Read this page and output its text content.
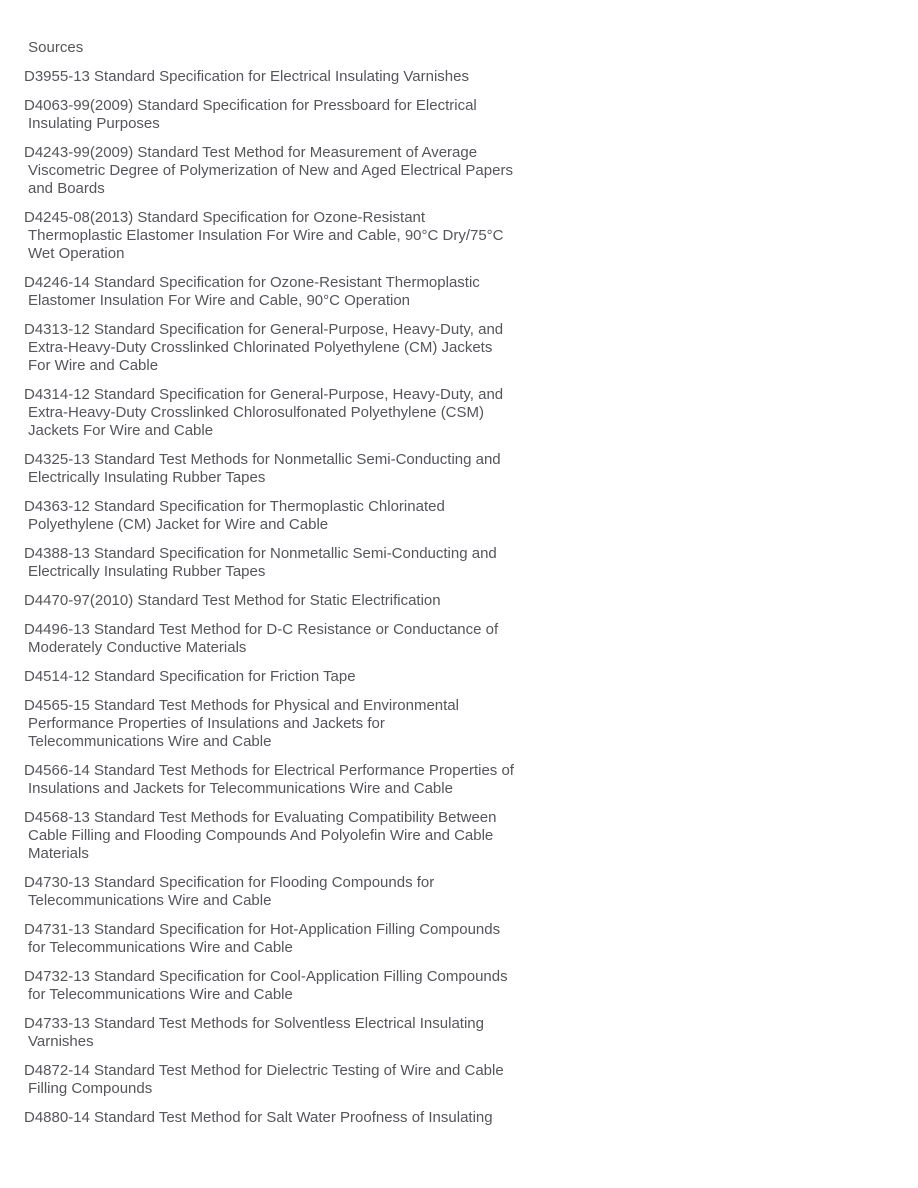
Sources
D3955-13 Standard Specification for Electrical Insulating Varnishes
D4063-99(2009) Standard Specification for Pressboard for Electrical
Insulating Purposes
D4243-99(2009) Standard Test Method for Measurement of Average
Viscometric Degree of Polymerization of New and Aged Electrical Papers
and Boards
D4245-08(2013) Standard Specification for Ozone-Resistant
Thermoplastic Elastomer Insulation For Wire and Cable, 90°C Dry/75°C
Wet Operation
D4246-14 Standard Specification for Ozone-Resistant Thermoplastic
Elastomer Insulation For Wire and Cable, 90°C Operation
D4313-12 Standard Specification for General-Purpose, Heavy-Duty, and
Extra-Heavy-Duty Crosslinked Chlorinated Polyethylene (CM) Jackets
For Wire and Cable
D4314-12 Standard Specification for General-Purpose, Heavy-Duty, and
Extra-Heavy-Duty Crosslinked Chlorosulfonated Polyethylene (CSM)
Jackets For Wire and Cable
D4325-13 Standard Test Methods for Nonmetallic Semi-Conducting and
Electrically Insulating Rubber Tapes
D4363-12 Standard Specification for Thermoplastic Chlorinated
Polyethylene (CM) Jacket for Wire and Cable
D4388-13 Standard Specification for Nonmetallic Semi-Conducting and
Electrically Insulating Rubber Tapes
D4470-97(2010) Standard Test Method for Static Electrification
D4496-13 Standard Test Method for D-C Resistance or Conductance of
Moderately Conductive Materials
D4514-12 Standard Specification for Friction Tape
D4565-15 Standard Test Methods for Physical and Environmental
Performance Properties of Insulations and Jackets for
Telecommunications Wire and Cable
D4566-14 Standard Test Methods for Electrical Performance Properties of
Insulations and Jackets for Telecommunications Wire and Cable
D4568-13 Standard Test Methods for Evaluating Compatibility Between
Cable Filling and Flooding Compounds And Polyolefin Wire and Cable
Materials
D4730-13 Standard Specification for Flooding Compounds for
Telecommunications Wire and Cable
D4731-13 Standard Specification for Hot-Application Filling Compounds
for Telecommunications Wire and Cable
D4732-13 Standard Specification for Cool-Application Filling Compounds
for Telecommunications Wire and Cable
D4733-13 Standard Test Methods for Solventless Electrical Insulating
Varnishes
D4872-14 Standard Test Method for Dielectric Testing of Wire and Cable
Filling Compounds
D4880-14 Standard Test Method for Salt Water Proofness of Insulating
